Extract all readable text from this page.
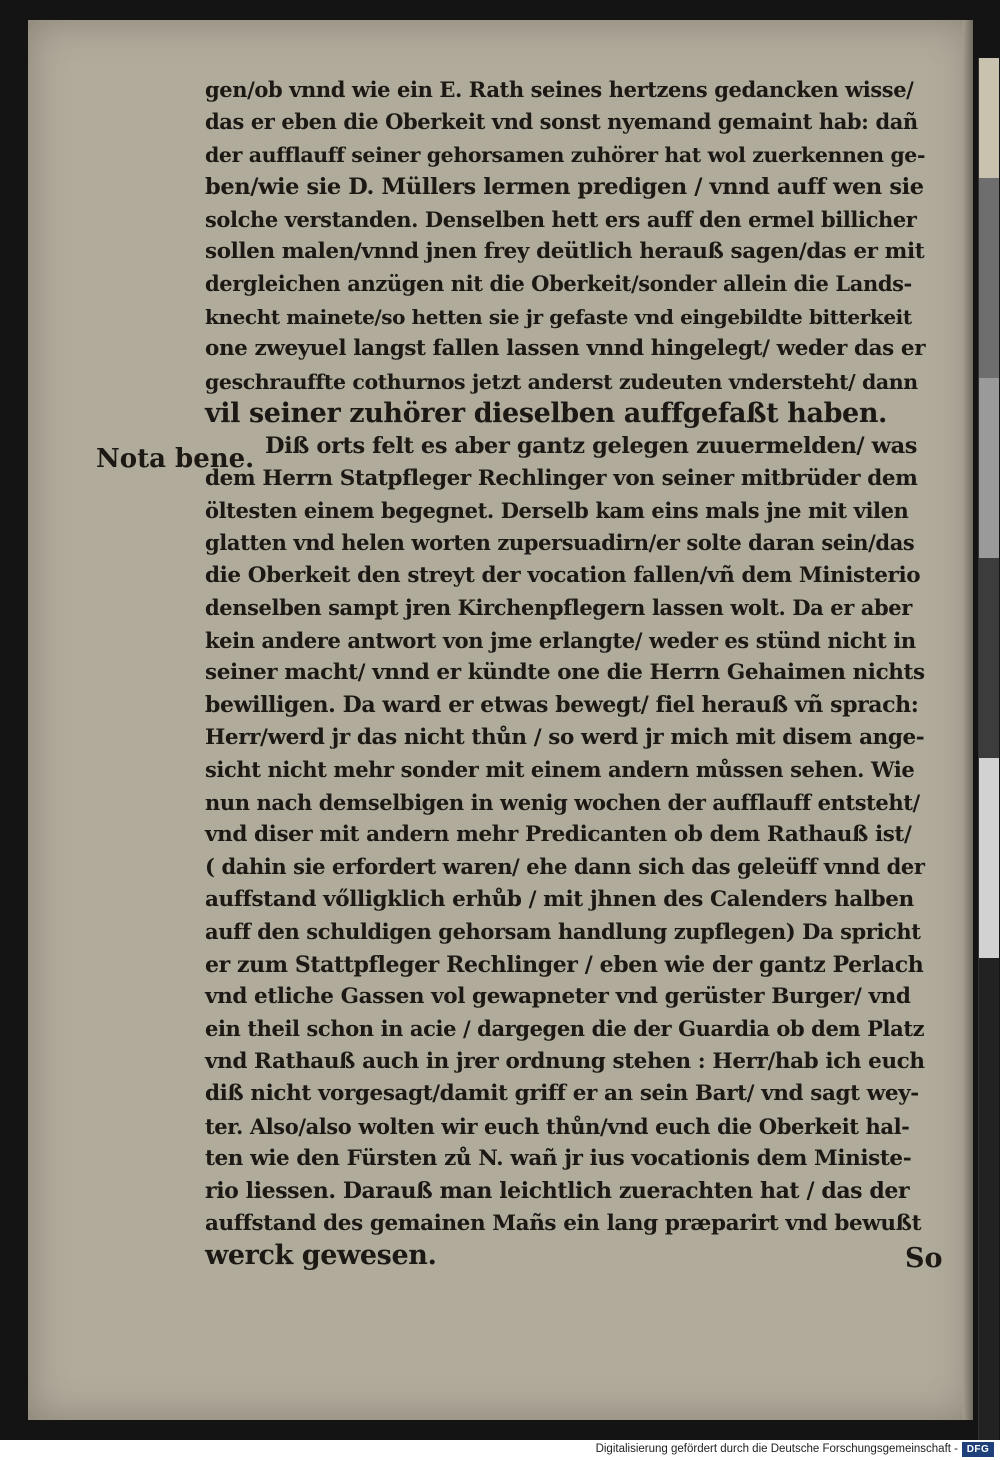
Nota bene.
gen/ob vnnd wie ein E. Rath seines hertzens gedancken wisse/
das er eben die Oberkeit vnd sonst nyemand gemaint hab: dañ
der aufflauff seiner gehorsamen zuhörer hat wol zuerkennen ge-
ben/wie sie D. Müllers lermen predigen / vnnd auff wen sie
solche verstanden. Denselben hett ers auff den ermel billicher
sollen malen/vnnd jnen frey deütlich herauß sagen/das er mit
dergleichen anzügen nit die Oberkeit/sonder allein die Lands-
knecht mainete/so hetten sie jr gefaste vnd eingebildte bitterkeit
one zweyuel langst fallen lassen vnnd hingelegt/ weder das er
geschrauffte cothurnos jetzt anderst zudeuten vndersteht/ dann
vil seiner zuhörer dieselben auffgefaßt haben.
Diß orts felt es aber gantz gelegen zuuermelden/ was
dem Herrn Statpfleger Rechlinger von seiner mitbrüder dem
öltesten einem begegnet. Derselb kam eins mals jne mit vilen
glatten vnd helen worten zupersuadirn/er solte daran sein/das
die Oberkeit den streyt der vocation fallen/vñ dem Ministerio
denselben sampt jren Kirchenpflegern lassen wolt. Da er aber
kein andere antwort von jme erlangte/ weder es stünd nicht in
seiner macht/ vnnd er kündte one die Herrn Gehaimen nichts
bewilligen. Da ward er etwas bewegt/ fiel herauß vñ sprach:
Herr/werd jr das nicht thůn / so werd jr mich mit disem ange-
sicht nicht mehr sonder mit einem andern můssen sehen. Wie
nun nach demselbigen in wenig wochen der aufflauff entsteht/
vnd diser mit andern mehr Predicanten ob dem Rathauß ist/
( dahin sie erfordert waren/ ehe dann sich das geleüff vnnd der
auffstand vőlligklich erhůb / mit jhnen des Calenders halben
auff den schuldigen gehorsam handlung zupflegen) Da spricht
er zum Stattpfleger Rechlinger / eben wie der gantz Perlach
vnd etliche Gassen vol gewapneter vnd gerüster Burger/ vnd
ein theil schon in acie / dargegen die der Guardia ob dem Platz
vnd Rathauß auch in jrer ordnung stehen : Herr/hab ich euch
diß nicht vorgesagt/damit griff er an sein Bart/ vnd sagt wey-
ter. Also/also wolten wir euch thůn/vnd euch die Oberkeit hal-
ten wie den Fürsten zů N. wañ jr ius vocationis dem Ministe-
rio liessen. Darauß man leichtlich zuerachten hat / das der
auffstand des gemainen Mañs ein lang præparirt vnd bewußt
werck gewesen.	So
Digitalisierung gefördert durch die Deutsche Forschungsgemeinschaft - DFG
